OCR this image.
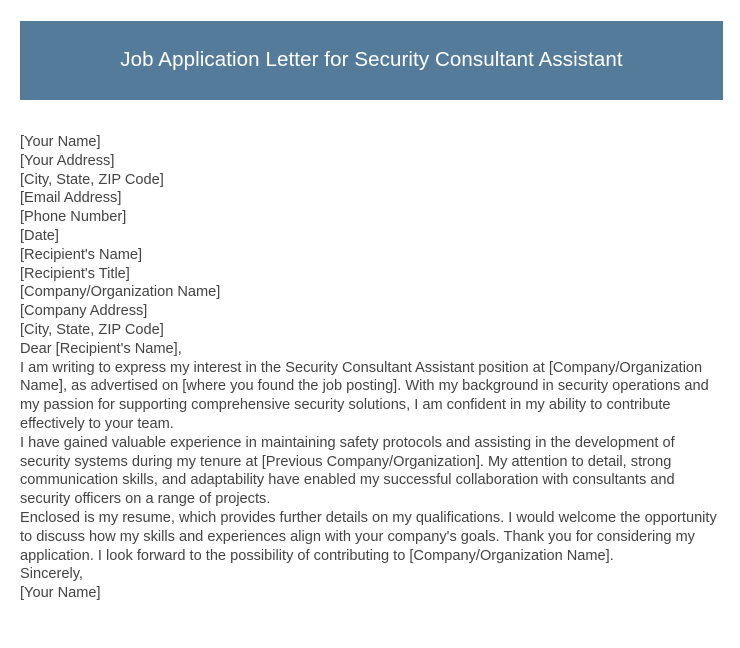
Job Application Letter for Security Consultant Assistant
[Your Name]
[Your Address]
[City, State, ZIP Code]
[Email Address]
[Phone Number]
[Date]
[Recipient's Name]
[Recipient's Title]
[Company/Organization Name]
[Company Address]
[City, State, ZIP Code]
Dear [Recipient's Name],
I am writing to express my interest in the Security Consultant Assistant position at [Company/Organization Name], as advertised on [where you found the job posting]. With my background in security operations and my passion for supporting comprehensive security solutions, I am confident in my ability to contribute effectively to your team.
I have gained valuable experience in maintaining safety protocols and assisting in the development of security systems during my tenure at [Previous Company/Organization]. My attention to detail, strong communication skills, and adaptability have enabled my successful collaboration with consultants and security officers on a range of projects.
Enclosed is my resume, which provides further details on my qualifications. I would welcome the opportunity to discuss how my skills and experiences align with your company's goals. Thank you for considering my application. I look forward to the possibility of contributing to [Company/Organization Name].
Sincerely,
[Your Name]
